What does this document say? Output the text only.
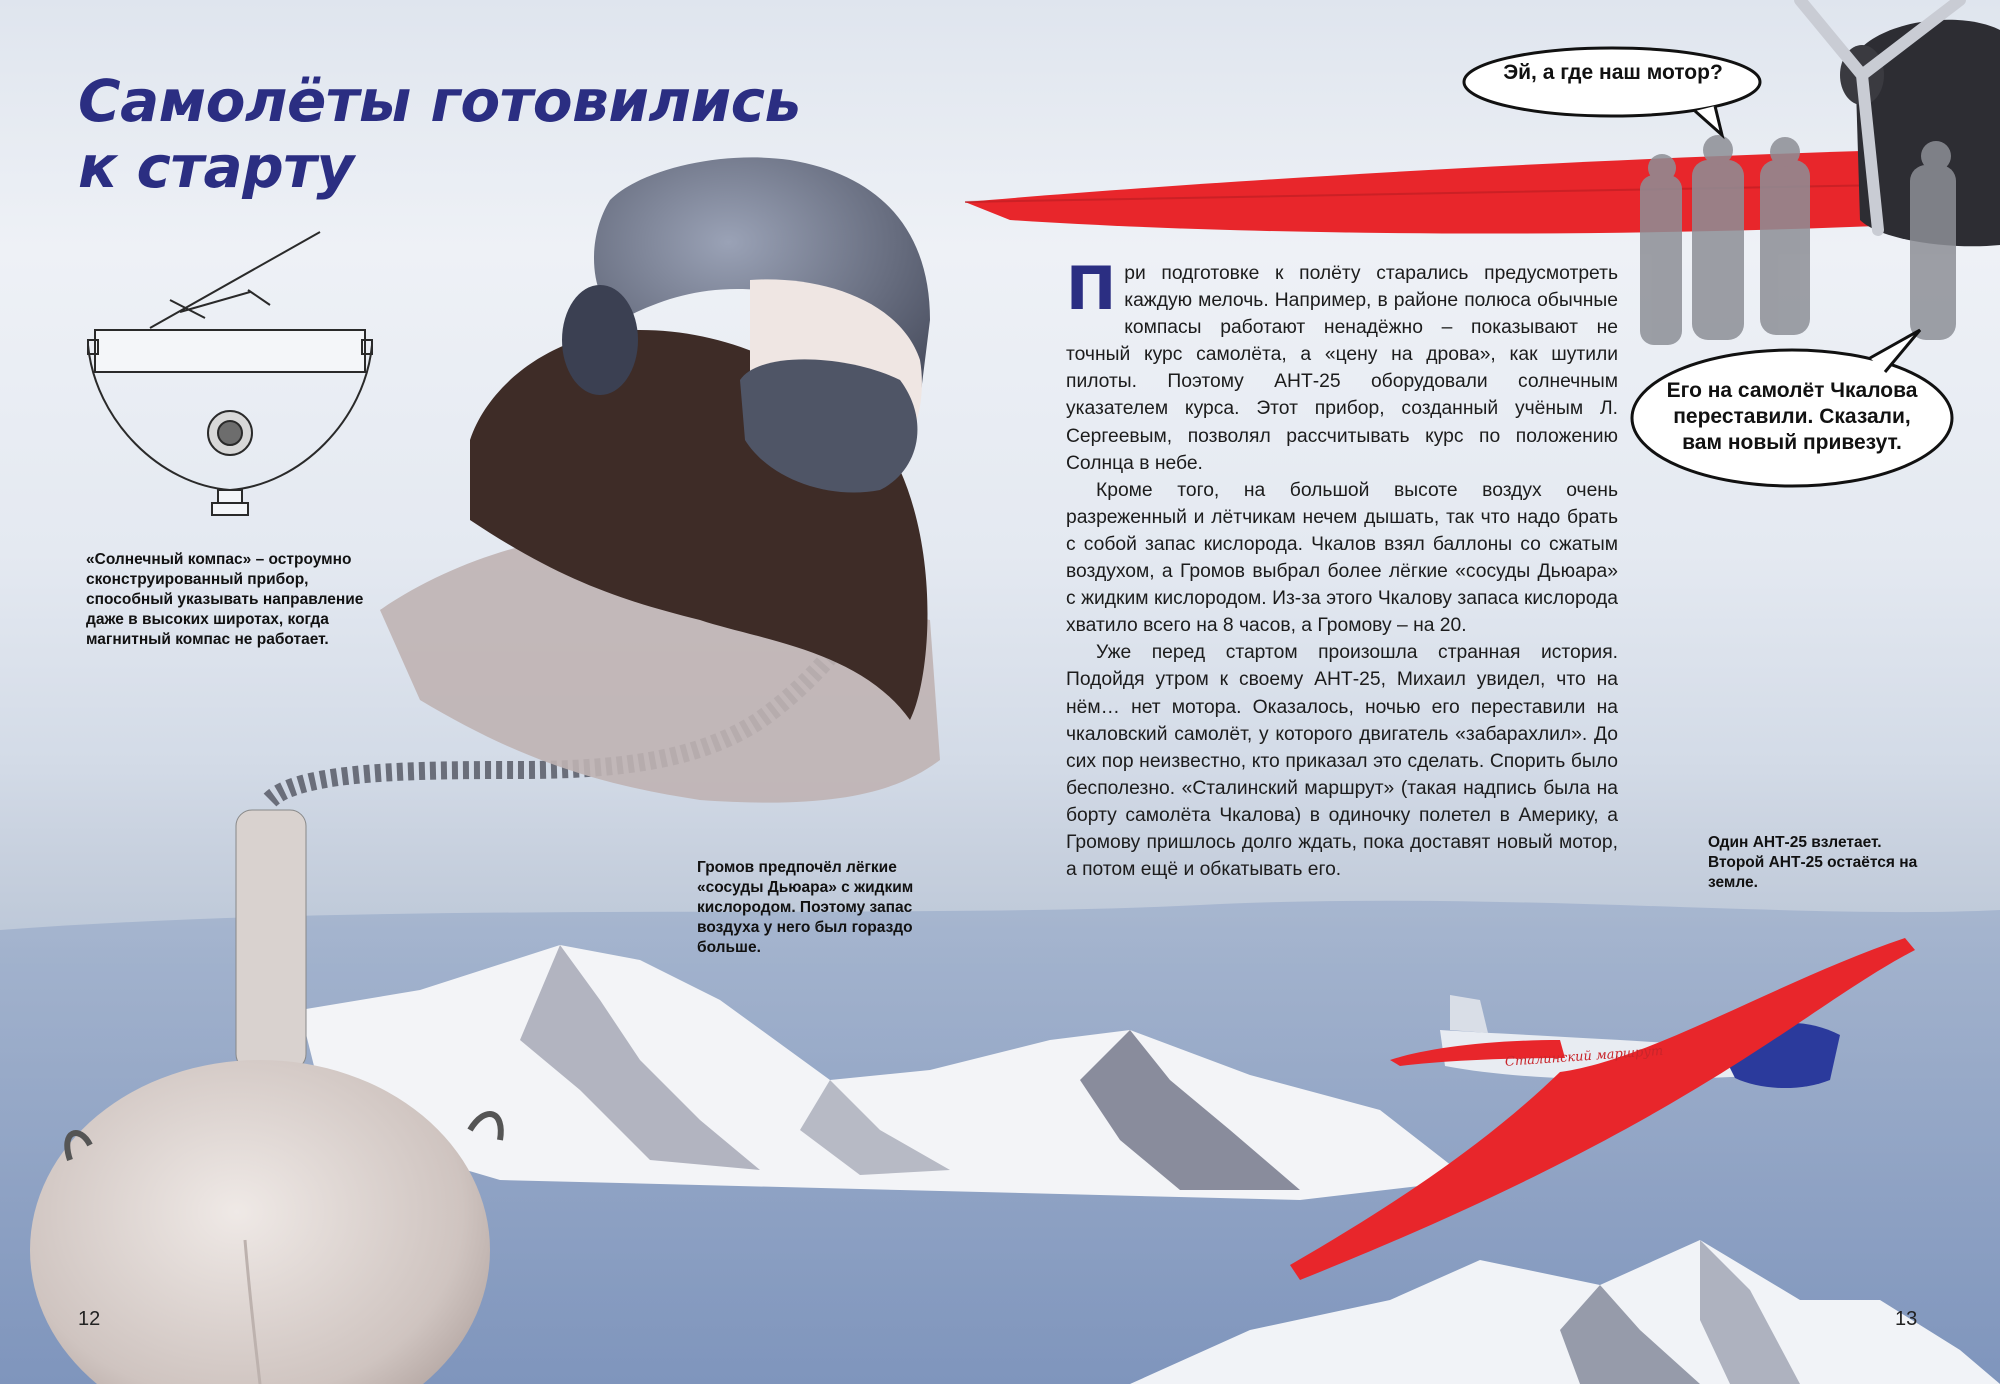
Сталинский маршрут
Самолёты готовились
к старту
«Солнечный компас» – остроумно сконструированный прибор, способный указывать направление даже в высоких широтах, когда магнитный компас не работает.
Громов предпочёл лёгкие «сосуды Дьюара» с жидким кислородом. Поэтому запас воздуха у него был гораздо больше.
Один АНТ-25 взлетает. Второй АНТ-25 остаётся на земле.

При подготовке к полёту старались предусмотреть каждую мелочь. Например, в районе полюса обычные компасы работают ненадёжно – показывают не точный курс самолёта, а «цену на дрова», как шутили пилоты. Поэтому АНТ-25 оборудовали солнечным указателем курса. Этот прибор, созданный учёным Л. Сергеевым, позволял рассчитывать курс по положению Солнца в небе.

Кроме того, на большой высоте воздух очень разреженный и лётчикам нечем дышать, так что надо брать с собой запас кислорода. Чкалов взял баллоны со сжатым воздухом, а Громов выбрал более лёгкие «сосуды Дьюара» с жидким кислородом. Из-за этого Чкалову запаса кислорода хватило всего на 8 часов, а Громову – на 20.

Уже перед стартом произошла странная история. Подойдя утром к своему АНТ-25, Михаил увидел, что на нём… нет мотора. Оказалось, ночью его переставили на чкаловский самолёт, у которого двигатель «забарахлил». До сих пор неизвестно, кто приказал это сделать. Спорить было бесполезно. «Сталинский маршрут» (такая надпись была на борту самолёта Чкалова) в одиночку полетел в Америку, а Громову пришлось долго ждать, пока доставят новый мотор, а потом ещё и обкатывать его.

Эй, а где наш мотор?
Его на самолёт Чкалова переставили. Сказали, вам новый привезут.
12	13
